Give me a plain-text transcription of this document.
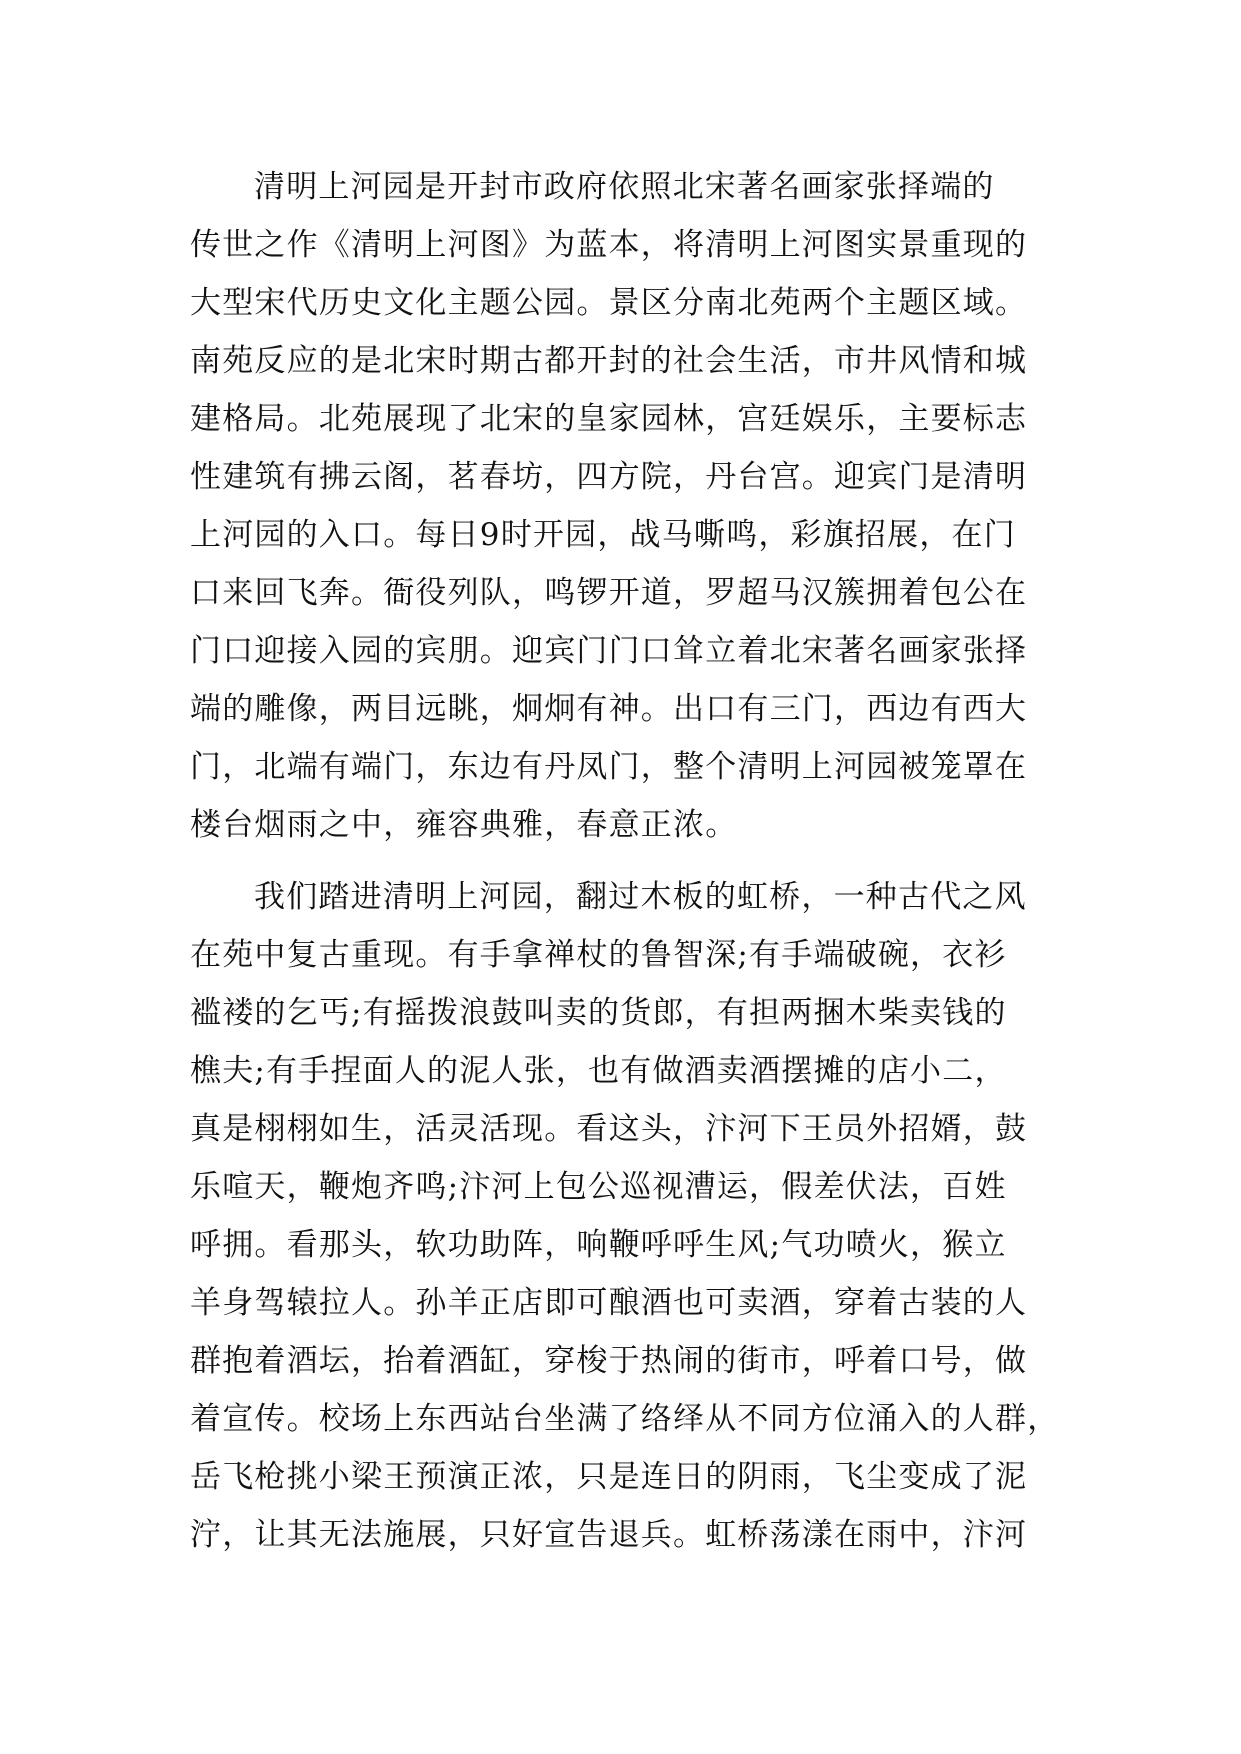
清明上河园是开封市政府依照北宋著名画家张择端的
传世之作《清明上河图》为蓝本，将清明上河图实景重现的
大型宋代历史文化主题公园。景区分南北苑两个主题区域。
南苑反应的是北宋时期古都开封的社会生活，市井风情和城
建格局。北苑展现了北宋的皇家园林，宫廷娱乐，主要标志
性建筑有拂云阁，茗春坊，四方院，丹台宫。迎宾门是清明
上河园的入口。每日9时开园，战马嘶鸣，彩旗招展，在门
口来回飞奔。衙役列队，鸣锣开道，罗超马汉簇拥着包公在
门口迎接入园的宾朋。迎宾门门口耸立着北宋著名画家张择
端的雕像，两目远眺，炯炯有神。出口有三门，西边有西大
门，北端有端门，东边有丹凤门，整个清明上河园被笼罩在
楼台烟雨之中，雍容典雅，春意正浓。
我们踏进清明上河园，翻过木板的虹桥，一种古代之风
在苑中复古重现。有手拿禅杖的鲁智深;有手端破碗，衣衫
褴褛的乞丐;有摇拨浪鼓叫卖的货郎，有担两捆木柴卖钱的
樵夫;有手捏面人的泥人张，也有做酒卖酒摆摊的店小二，
真是栩栩如生，活灵活现。看这头，汴河下王员外招婿，鼓
乐喧天，鞭炮齐鸣;汴河上包公巡视漕运，假差伏法，百姓
呼拥。看那头，软功助阵，响鞭呼呼生风;气功喷火，猴立
羊身驾辕拉人。孙羊正店即可酿酒也可卖酒，穿着古装的人
群抱着酒坛，抬着酒缸，穿梭于热闹的街市，呼着口号，做
着宣传。校场上东西站台坐满了络绎从不同方位涌入的人群，
岳飞枪挑小梁王预演正浓，只是连日的阴雨，飞尘变成了泥
泞，让其无法施展，只好宣告退兵。虹桥荡漾在雨中，汴河
